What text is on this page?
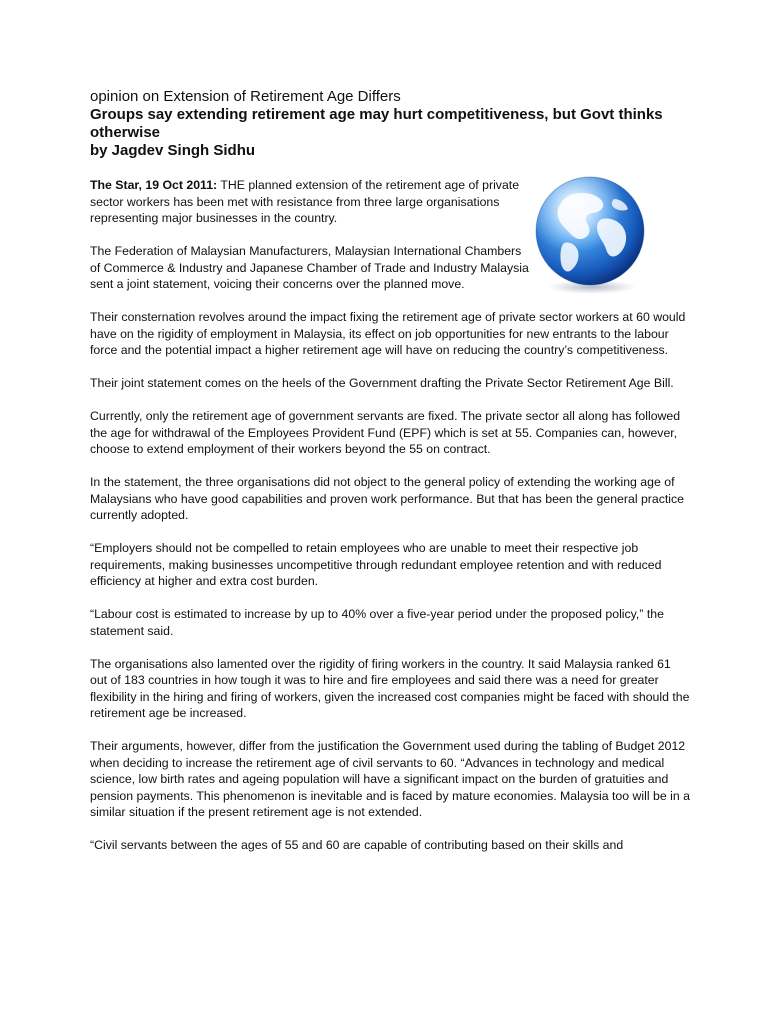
opinion on Extension of Retirement Age Differs

Groups say extending retirement age may hurt competitiveness, but Govt thinks otherwise

by Jagdev Singh Sidhu

The Star, 19 Oct 2011: THE planned extension of the retirement age of private sector workers has been met with resistance from three large organisations representing major businesses in the country.

The Federation of Malaysian Manufacturers, Malaysian International Chambers of Commerce & Industry and Japanese Chamber of Trade and Industry Malaysia sent a joint statement, voicing their concerns over the planned move.

Their consternation revolves around the impact fixing the retirement age of private sector workers at 60 would have on the rigidity of employment in Malaysia, its effect on job opportunities for new entrants to the labour force and the potential impact a higher retirement age will have on reducing the country’s competitiveness.

Their joint statement comes on the heels of the Government drafting the Private Sector Retirement Age Bill.

Currently, only the retirement age of government servants are fixed. The private sector all along has followed the age for withdrawal of the Employees Provident Fund (EPF) which is set at 55. Companies can, however, choose to extend employment of their workers beyond the 55 on contract.

In the statement, the three organisations did not object to the general policy of extending the working age of Malaysians who have good capabilities and proven work performance. But that has been the general practice currently adopted.

“Employers should not be compelled to retain employees who are unable to meet their respective job requirements, making businesses uncompetitive through redundant employee retention and with reduced efficiency at higher and extra cost burden.

“Labour cost is estimated to increase by up to 40% over a five-year period under the proposed policy,” the statement said.

The organisations also lamented over the rigidity of firing workers in the country. It said Malaysia ranked 61 out of 183 countries in how tough it was to hire and fire employees and said there was a need for greater flexibility in the hiring and firing of workers, given the increased cost companies might be faced with should the retirement age be increased.

Their arguments, however, differ from the justification the Government used during the tabling of Budget 2012 when deciding to increase the retirement age of civil servants to 60. “Advances in technology and medical science, low birth rates and ageing population will have a significant impact on the burden of gratuities and pension payments. This phenomenon is inevitable and is faced by mature economies. Malaysia too will be in a similar situation if the present retirement age is not extended.

“Civil servants between the ages of 55 and 60 are capable of contributing based on their skills and
